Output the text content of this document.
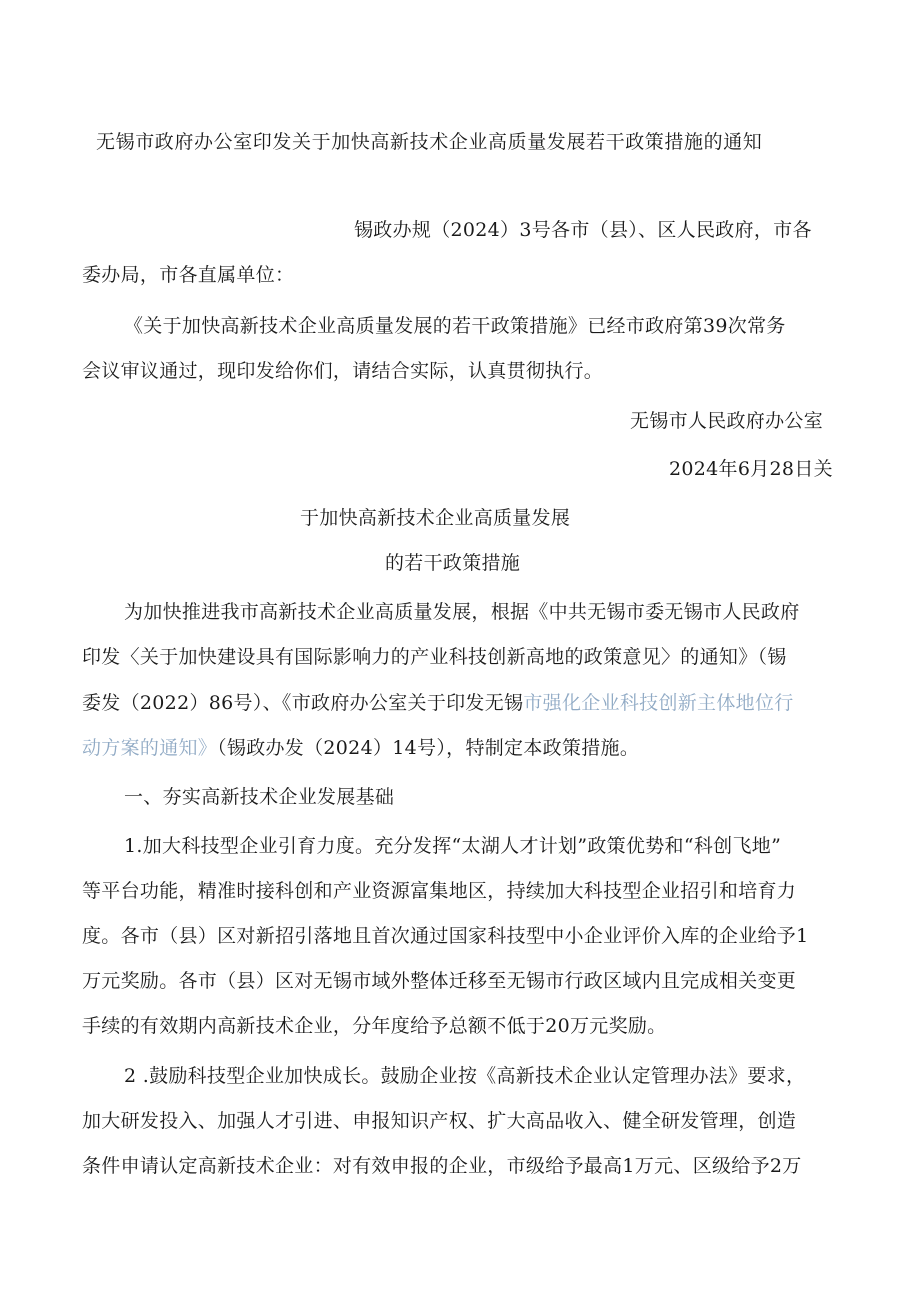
无锡市政府办公室印发关于加快高新技术企业高质量发展若干政策措施的通知
锡政办规（2024）3号各市（县）、区人民政府，市各
委办局，市各直属单位：
《关于加快高新技术企业高质量发展的若干政策措施》已经市政府第39次常务
会议审议通过，现印发给你们，请结合实际，认真贯彻执行。
无锡市人民政府办公室
2024年6月28日关
于加快高新技术企业高质量发展
的若干政策措施
为加快推进我市高新技术企业高质量发展，根据《中共无锡市委无锡市人民政府
印发〈关于加快建设具有国际影响力的产业科技创新高地的政策意见〉的通知》（锡
委发（2022）86号）、《市政府办公室关于印发无锡市强化企业科技创新主体地位行
动方案的通知》（锡政办发（2024）14号），特制定本政策措施。
一、夯实高新技术企业发展基础
1.加大科技型企业引育力度。充分发挥“太湖人才计划”政策优势和“科创飞地”
等平台功能，精准时接科创和产业资源富集地区，持续加大科技型企业招引和培育力
度。各市（县）区对新招引落地且首次通过国家科技型中小企业评价入库的企业给予1
万元奖励。各市（县）区对无锡市域外整体迁移至无锡市行政区域内且完成相关变更
手续的有效期内高新技术企业，分年度给予总额不低于20万元奖励。
2 .鼓励科技型企业加快成长。鼓励企业按《高新技术企业认定管理办法》要求，
加大研发投入、加强人才引进、申报知识产权、扩大高品收入、健全研发管理，创造
条件申请认定高新技术企业：对有效申报的企业，市级给予最高1万元、区级给予2万
